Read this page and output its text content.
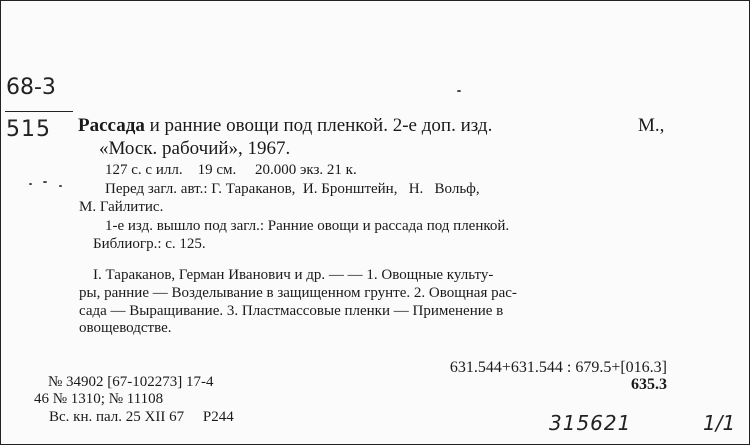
68-3
515 Рассада и ранние овощи под пленкой. 2-е доп. изд.	М.,
«Моск. рабочий», 1967.
127 с. с илл.    19 см.     20.000 экз. 21 к.
Перед загл. авт.: Г. Тараканов,  И. Бронштейн,   Н.   Вольф,
М. Гайлитис.
1-е изд. вышло под загл.: Ранние овощи и рассада под пленкой.
Библиогр.: с. 125.
I. Тараканов, Герман Иванович и др. — — 1. Овощные культу-
ры, ранние — Возделывание в защищенном грунте. 2. Овощная рас-
сада — Выращивание. 3. Пластмассовые пленки — Применение в
овощеводстве.
631.544+631.544 : 679.5+[016.3]
635.3
№ 34902 [67-102273] 17-4
46 № 1310; № 11108
Вс. кн. пал. 25 XII 67     Р244	315621	1/1
